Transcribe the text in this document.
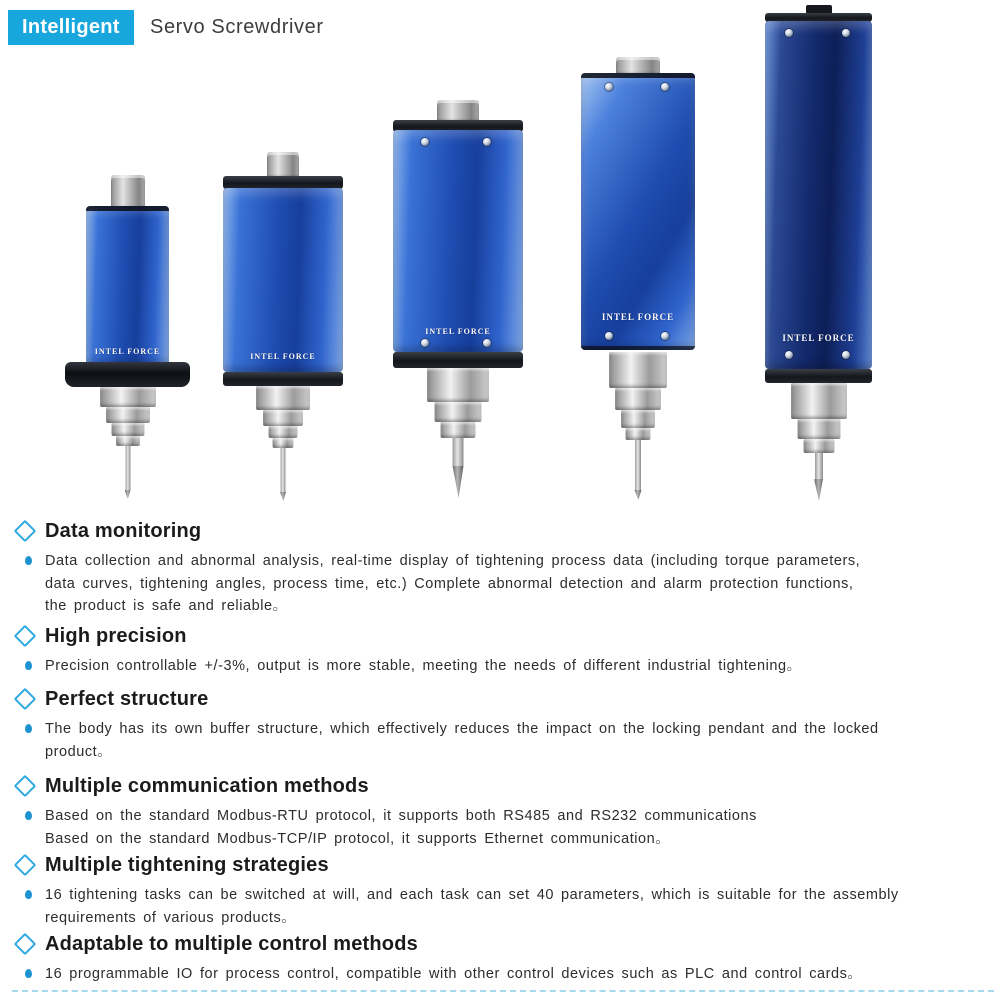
Intelligent	Servo Screwdriver
INTEL FORCE
INTEL FORCE
INTEL FORCE
INTEL FORCE
INTEL FORCE
Data monitoring

Data collection and abnormal analysis, real-time display of tightening process data (including torque parameters,
data curves, tightening angles, process time, etc.) Complete abnormal detection and alarm protection functions,
the product is safe and reliable。

High precision

Precision controllable +/-3%, output is more stable, meeting the needs of different industrial tightening。

Perfect structure

The body has its own buffer structure, which effectively reduces the impact on the locking pendant and the locked
product。

Multiple communication methods

Based on the standard Modbus-RTU protocol, it supports both RS485 and RS232 communications
Based on the standard Modbus-TCP/IP protocol, it supports Ethernet communication。

Multiple tightening strategies

16 tightening tasks can be switched at will, and each task can set 40 parameters, which is suitable for the assembly
requirements of various products。

Adaptable to multiple control methods

16 programmable IO for process control, compatible with other control devices such as PLC and control cards。
